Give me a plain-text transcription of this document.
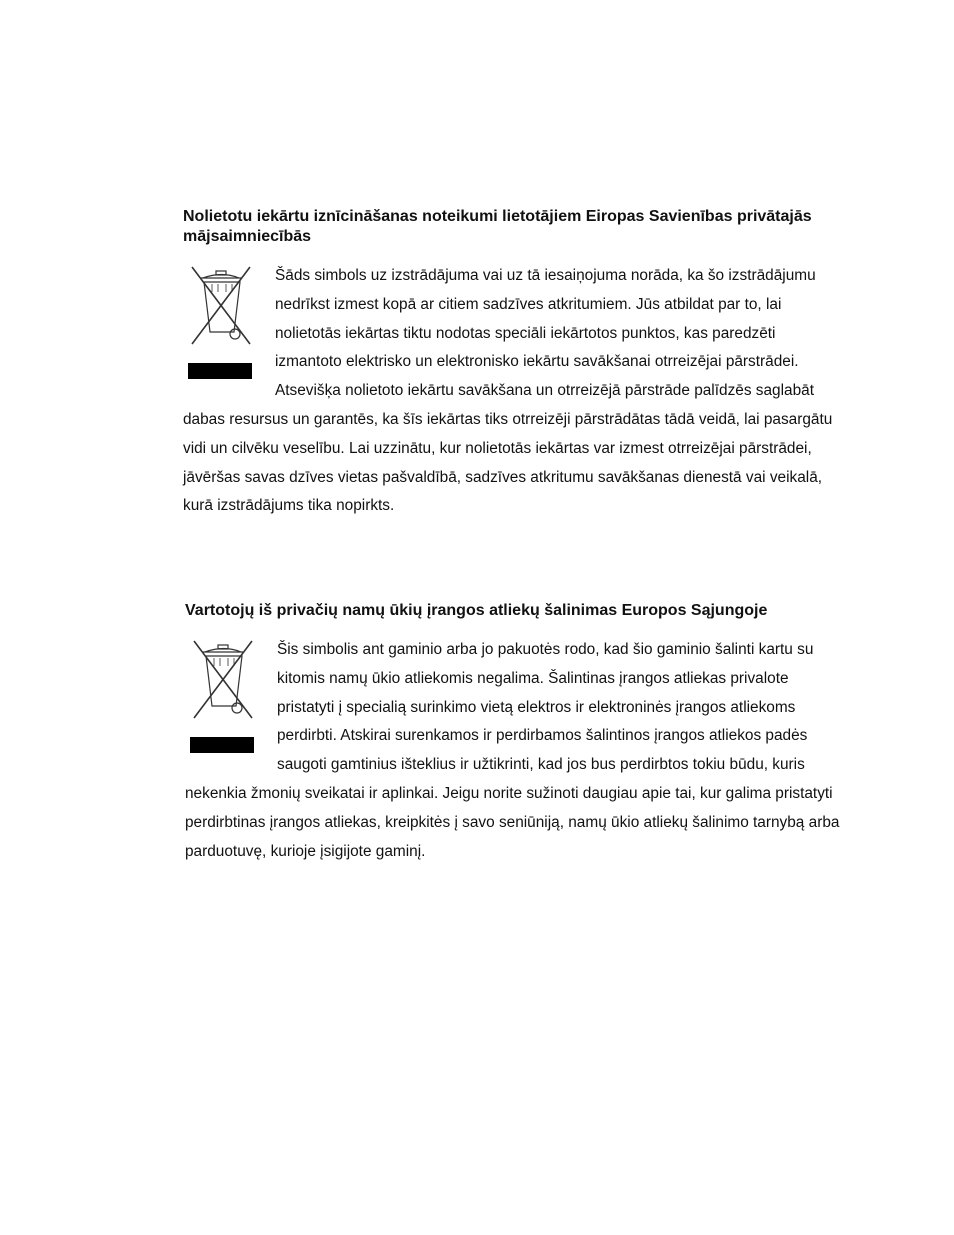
Nolietotu iekārtu iznīcināšanas noteikumi lietotājiem Eiropas Savienības privātajās mājsaimniecībās

Šāds simbols uz izstrādājuma vai uz tā iesaiņojuma norāda, ka šo izstrādājumu nedrīkst izmest kopā ar citiem sadzīves atkritumiem. Jūs atbildat par to, lai nolietotās iekārtas tiktu nodotas speciāli iekārtotos punktos, kas paredzēti izmantoto elektrisko un elektronisko iekārtu savākšanai otrreizējai pārstrādei. Atsevišķa nolietoto iekārtu savākšana un otrreizējā pārstrāde palīdzēs saglabāt dabas resursus un garantēs, ka šīs iekārtas tiks otrreizēji pārstrādātas tādā veidā, lai pasargātu vidi un cilvēku veselību. Lai uzzinātu, kur nolietotās iekārtas var izmest otrreizējai pārstrādei, jāvēršas savas dzīves vietas pašvaldībā, sadzīves atkritumu savākšanas dienestā vai veikalā, kurā izstrādājums tika nopirkts.

Vartotojų iš privačių namų ūkių įrangos atliekų šalinimas Europos Sąjungoje

Šis simbolis ant gaminio arba jo pakuotės rodo, kad šio gaminio šalinti kartu su kitomis namų ūkio atliekomis negalima. Šalintinas įrangos atliekas privalote pristatyti į specialią surinkimo vietą elektros ir elektroninės įrangos atliekoms perdirbti. Atskirai surenkamos ir perdirbamos šalintinos įrangos atliekos padės saugoti gamtinius išteklius ir užtikrinti, kad jos bus perdirbtos tokiu būdu, kuris nekenkia žmonių sveikatai ir aplinkai. Jeigu norite sužinoti daugiau apie tai, kur galima pristatyti perdirbtinas įrangos atliekas, kreipkitės į savo seniūniją, namų ūkio atliekų šalinimo tarnybą arba parduotuvę, kurioje įsigijote gaminį.
